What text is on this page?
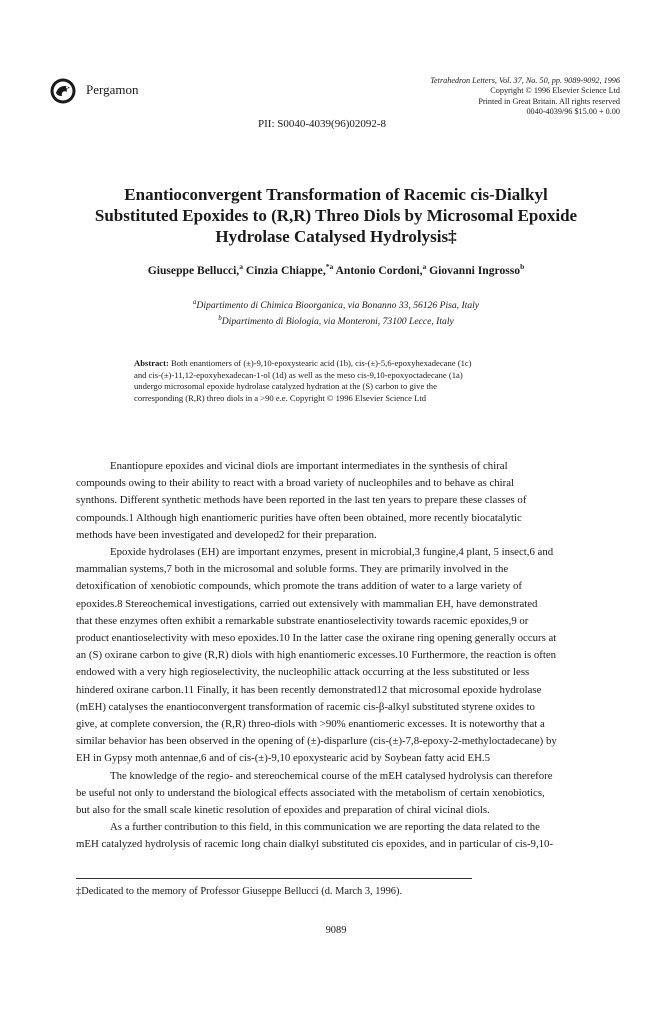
Pergamon
Tetrahedron Letters, Vol. 37, No. 50, pp. 9089-9092, 1996
Copyright © 1996 Elsevier Science Ltd
Printed in Great Britain. All rights reserved
0040-4039/96 $15.00 + 0.00
PII: S0040-4039(96)02092-8
Enantioconvergent Transformation of Racemic cis-Dialkyl
Substituted Epoxides to (R,R) Threo Diols by Microsomal Epoxide
Hydrolase Catalysed Hydrolysis‡
Giuseppe Bellucci,$^a$ Cinzia Chiappe,$^{*a}$ Antonio Cordoni,$^a$ Giovanni Ingrosso$^b$
$^a$Dipartimento di Chimica Bioorganica, via Bonanno 33, 56126 Pisa, Italy
$^b$Dipartimento di Biologia, via Monteroni, 73100 Lecce, Italy
Abstract: Both enantiomers of (±)-9,10-epoxystearic acid (1b), cis-(±)-5,6-epoxyhexadecane (1c)
and cis-(±)-11,12-epoxyhexadecan-1-ol (1d) as well as the meso cis-9,10-epoxyoctadecane (1a)
undergo microsomal epoxide hydrolase catalyzed hydration at the (S) carbon to give the
corresponding (R,R) threo diols in a >90 e.e. Copyright © 1996 Elsevier Science Ltd
Enantiopure epoxides and vicinal diols are important intermediates in the synthesis of chiral
compounds owing to their ability to react with a broad variety of nucleophiles and to behave as chiral
synthons. Different synthetic methods have been reported in the last ten years to prepare these classes of
compounds.1 Although high enantiomeric purities have often been obtained, more recently biocatalytic
methods have been investigated and developed2 for their preparation.
Epoxide hydrolases (EH) are important enzymes, present in microbial,3 fungine,4 plant, 5 insect,6 and
mammalian systems,7 both in the microsomal and soluble forms. They are primarily involved in the
detoxification of xenobiotic compounds, which promote the trans addition of water to a large variety of
epoxides.8 Stereochemical investigations, carried out extensively with mammalian EH, have demonstrated
that these enzymes often exhibit a remarkable substrate enantioselectivity towards racemic epoxides,9 or
product enantioselectivity with meso epoxides.10 In the latter case the oxirane ring opening generally occurs at
an (S) oxirane carbon to give (R,R) diols with high enantiomeric excesses.10 Furthermore, the reaction is often
endowed with a very high regioselectivity, the nucleophilic attack occurring at the less substituted or less
hindered oxirane carbon.11 Finally, it has been recently demonstrated12 that microsomal epoxide hydrolase
(mEH) catalyses the enantioconvergent transformation of racemic cis-β-alkyl substituted styrene oxides to
give, at complete conversion, the (R,R) threo-diols with >90% enantiomeric excesses. It is noteworthy that a
similar behavior has been observed in the opening of (±)-disparlure (cis-(±)-7,8-epoxy-2-methyloctadecane) by
EH in Gypsy moth antennae,6 and of cis-(±)-9,10 epoxystearic acid by Soybean fatty acid EH.5
The knowledge of the regio- and stereochemical course of the mEH catalysed hydrolysis can therefore
be useful not only to understand the biological effects associated with the metabolism of certain xenobiotics,
but also for the small scale kinetic resolution of epoxides and preparation of chiral vicinal diols.
As a further contribution to this field, in this communication we are reporting the data related to the
mEH catalyzed hydrolysis of racemic long chain dialkyl substituted cis epoxides, and in particular of cis-9,10-
‡Dedicated to the memory of Professor Giuseppe Bellucci (d. March 3, 1996).
9089
